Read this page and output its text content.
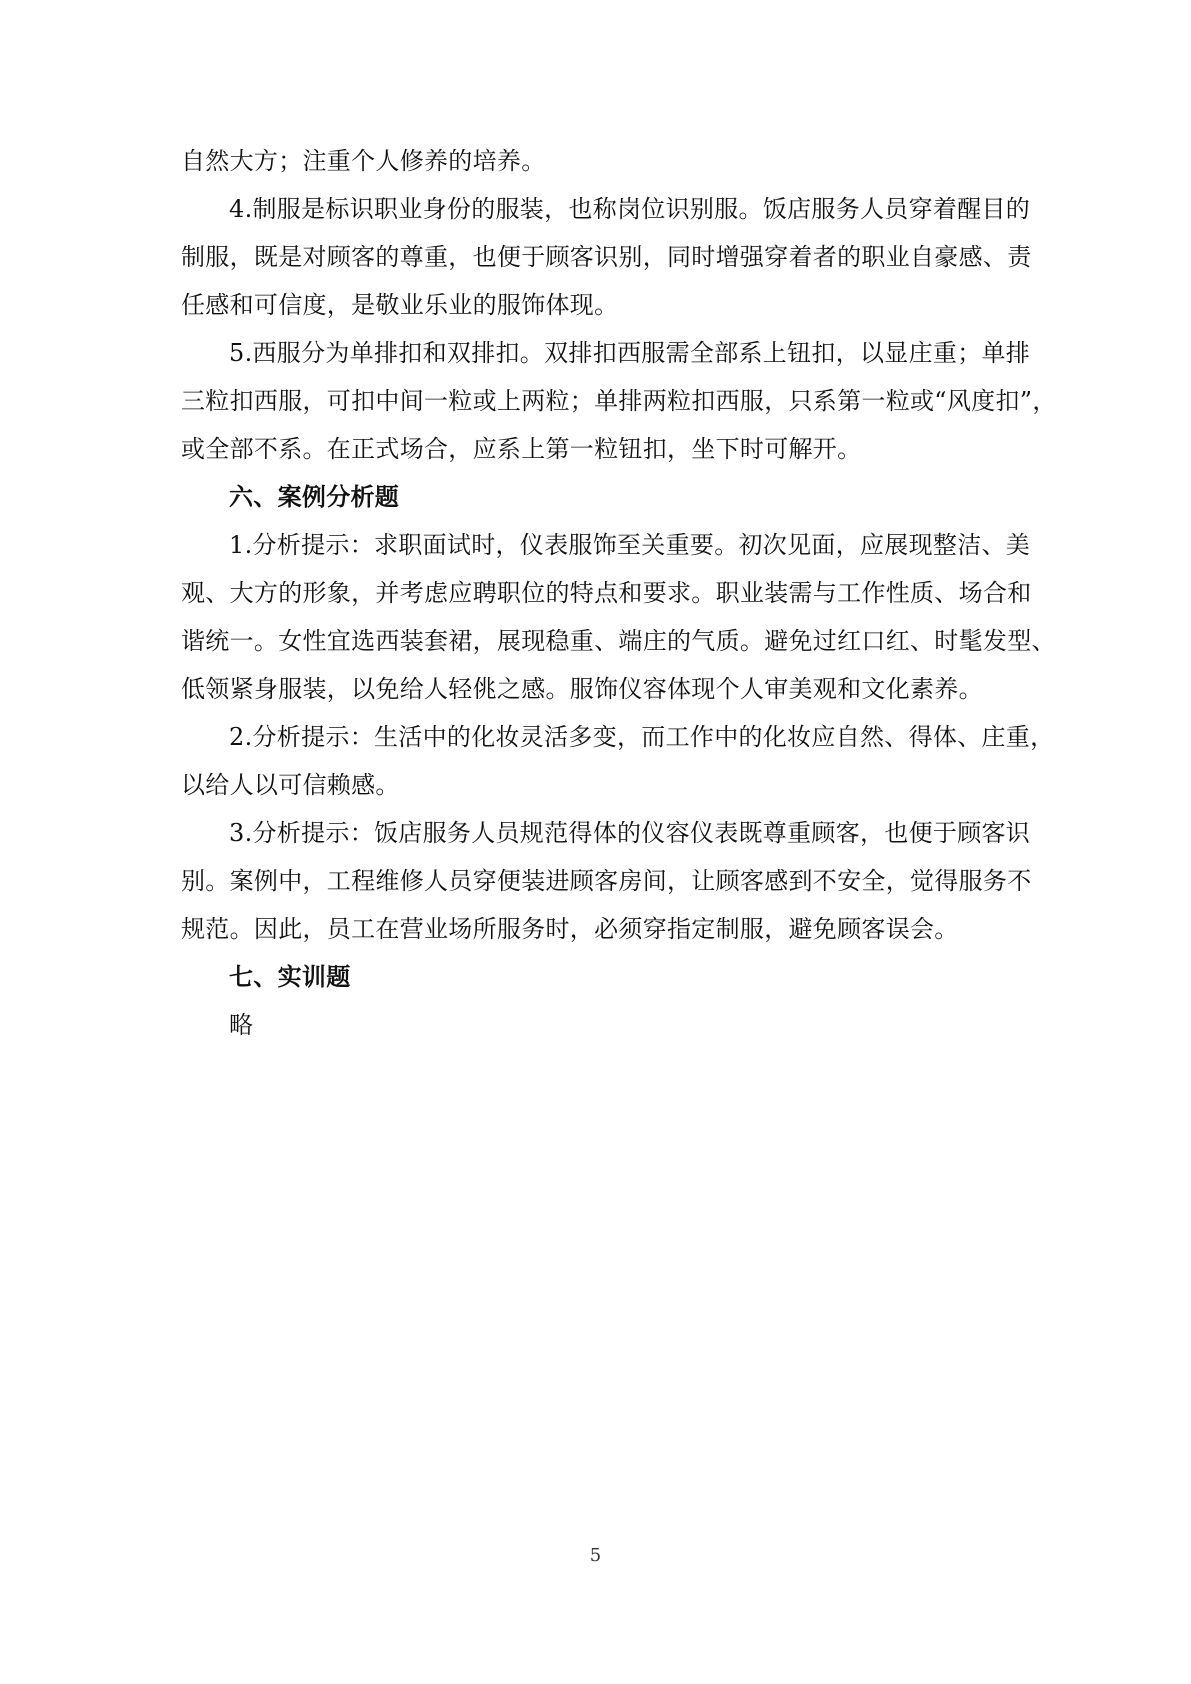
自然大方；注重个人修养的培养。
4.制服是标识职业身份的服装，也称岗位识别服。饭店服务人员穿着醒目的
制服，既是对顾客的尊重，也便于顾客识别，同时增强穿着者的职业自豪感、责
任感和可信度，是敬业乐业的服饰体现。
5.西服分为单排扣和双排扣。双排扣西服需全部系上钮扣，以显庄重；单排
三粒扣西服，可扣中间一粒或上两粒；单排两粒扣西服，只系第一粒或“风度扣”，
或全部不系。在正式场合，应系上第一粒钮扣，坐下时可解开。
六、案例分析题
1.分析提示：求职面试时，仪表服饰至关重要。初次见面，应展现整洁、美
观、大方的形象，并考虑应聘职位的特点和要求。职业装需与工作性质、场合和
谐统一。女性宜选西装套裙，展现稳重、端庄的气质。避免过红口红、时髦发型、
低领紧身服装，以免给人轻佻之感。服饰仪容体现个人审美观和文化素养。
2.分析提示：生活中的化妆灵活多变，而工作中的化妆应自然、得体、庄重，
以给人以可信赖感。
3.分析提示：饭店服务人员规范得体的仪容仪表既尊重顾客，也便于顾客识
别。案例中，工程维修人员穿便装进顾客房间，让顾客感到不安全，觉得服务不
规范。因此，员工在营业场所服务时，必须穿指定制服，避免顾客误会。
七、实训题
略
5
